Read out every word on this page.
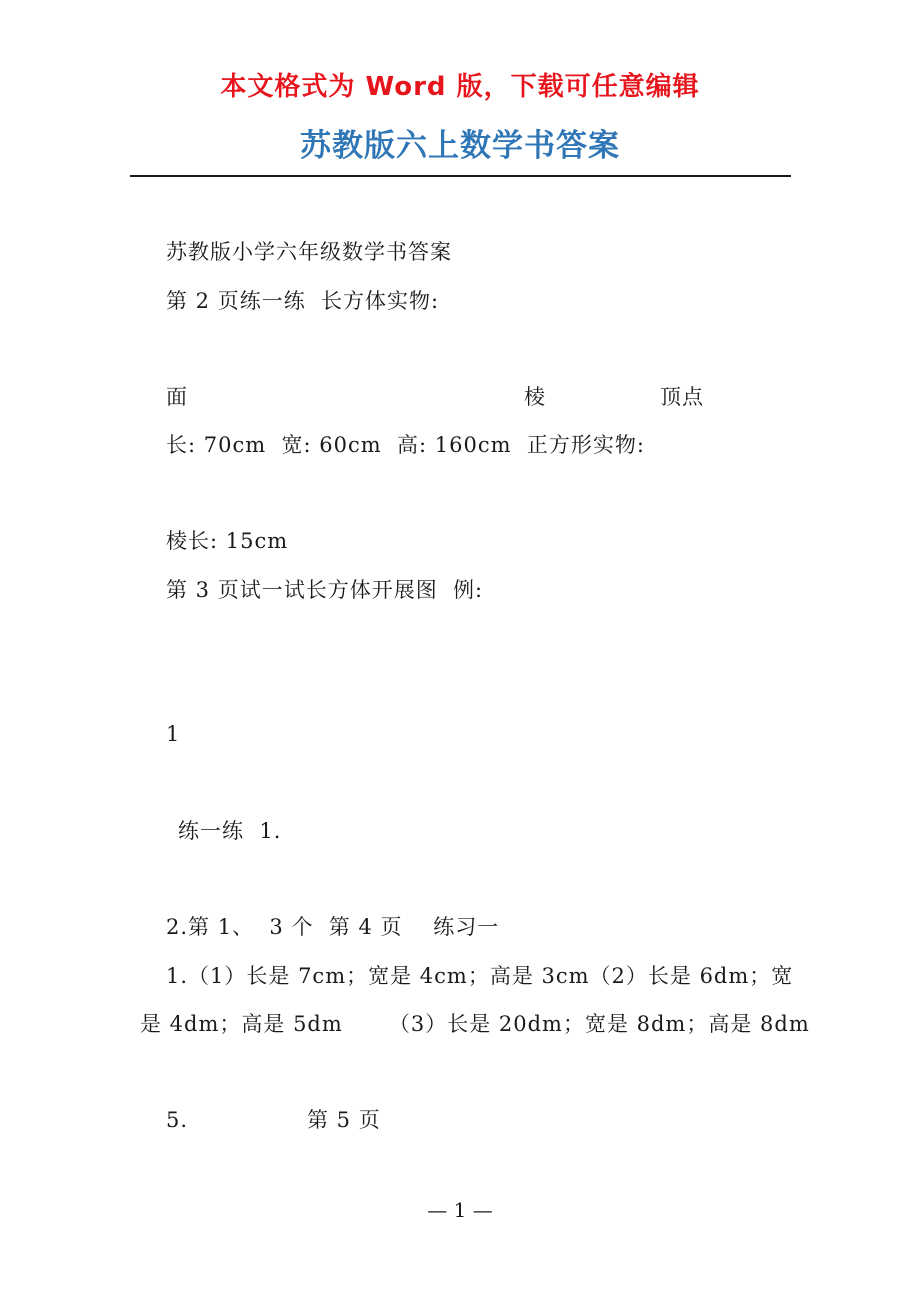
本文格式为 Word 版，下载可任意编辑
苏教版六上数学书答案
苏教版小学六年级数学书答案
第 2 页练一练  长方体实物:
面	棱	顶点
长: 70cm  宽: 60cm  高: 160cm  正方形实物:
棱长: 15cm
第 3 页试一试长方体开展图  例:
1
练一练  1.
2.第 1、  3 个  第 4 页    练习一
1.（1）长是 7cm；宽是 4cm；高是 3cm（2）长是 6dm；宽
是 4dm；高是 5dm      （3）长是 20dm；宽是 8dm；高是 8dm
5.	第 5 页
— 1 —
